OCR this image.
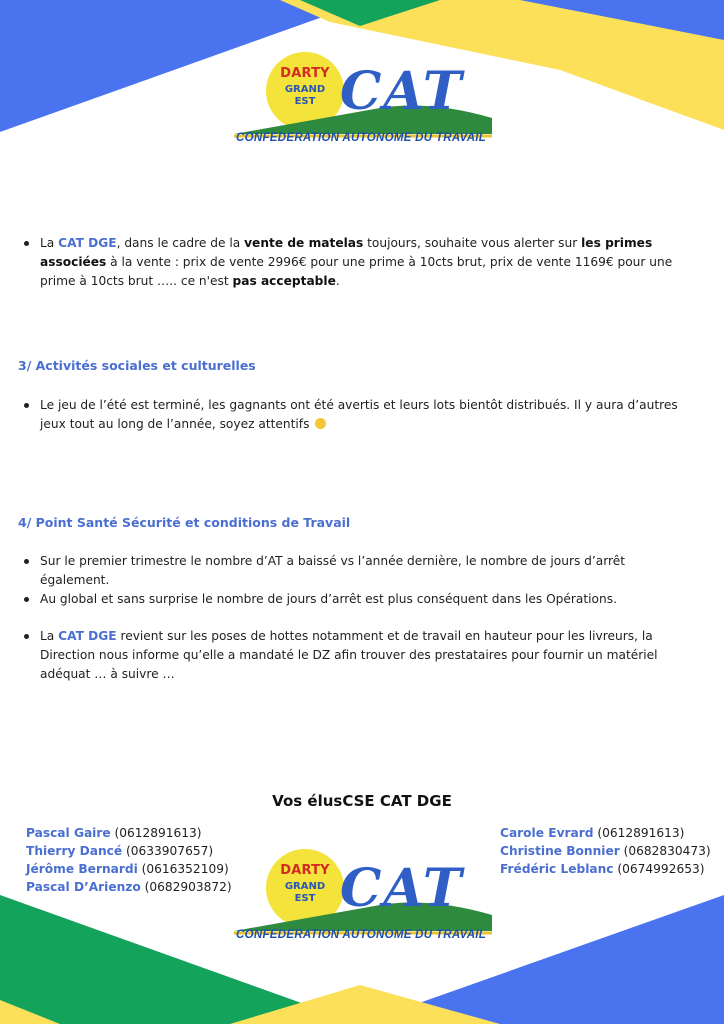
DARTY
GRAND EST CAT
CONFEDERATION AUTONOME DU TRAVAIL
La CAT DGE, dans le cadre de la vente de matelas toujours, souhaite vous alerter sur les primes associées à la vente : prix de vente 2996€ pour une prime à 10cts brut, prix de vente 1169€ pour une prime à 10cts brut ….. ce n'est pas acceptable.
3/ Activités sociales et culturelles
Le jeu de l’été est terminé, les gagnants ont été avertis et leurs lots bientôt distribués. Il y aura d’autres jeux tout au long de l’année, soyez attentifs
4/ Point Santé Sécurité et conditions de Travail
Sur le premier trimestre le nombre d’AT a baissé vs l’année dernière, le nombre de jours d’arrêt également.
Au global et sans surprise le nombre de jours d’arrêt est plus conséquent dans les Opérations.
La CAT DGE revient sur les poses de hottes notamment et de travail en hauteur pour les livreurs, la Direction nous informe qu’elle a mandaté le DZ afin trouver des prestataires pour fournir un matériel adéquat … à suivre …
Vos élusCSE CAT DGE
Pascal Gaire (0612891613)
Thierry Dancé (0633907657)
Jérôme Bernardi (0616352109)
Pascal D’Arienzo (0682903872)
Carole Evrard (0612891613)
Christine Bonnier (0682830473)
Frédéric Leblanc (0674992653)
DARTY
GRAND EST CAT
CONFEDERATION AUTONOME DU TRAVAIL
